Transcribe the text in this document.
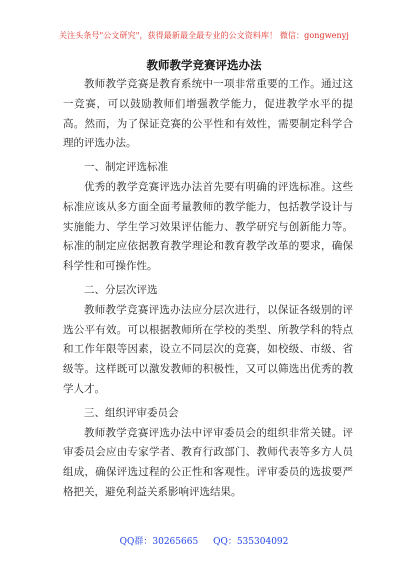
关注头条号"公文研究"，获得最新最全最专业的公文资料库！ 微信：gongwenyj
教师教学竞赛评选办法

教师教学竞赛是教育系统中一项非常重要的工作。通过这一竞赛，可以鼓励教师们增强教学能力，促进教学水平的提高。然而，为了保证竞赛的公平性和有效性，需要制定科学合理的评选办法。

一、制定评选标准

优秀的教学竞赛评选办法首先要有明确的评选标准。这些标准应该从多方面全面考量教师的教学能力，包括教学设计与实施能力、学生学习效果评估能力、教学研究与创新能力等。标准的制定应依据教育教学理论和教育教学改革的要求，确保科学性和可操作性。

二、分层次评选

教师教学竞赛评选办法应分层次进行，以保证各级别的评选公平有效。可以根据教师所在学校的类型、所教学科的特点和工作年限等因素，设立不同层次的竞赛，如校级、市级、省级等。这样既可以激发教师的积极性，又可以筛选出优秀的教学人才。

三、组织评审委员会

教师教学竞赛评选办法中评审委员会的组织非常关键。评审委员会应由专家学者、教育行政部门、教师代表等多方人员组成，确保评选过程的公正性和客观性。评审委员的选拔要严格把关，避免利益关系影响评选结果。

QQ群：30265665 QQ：535304092
